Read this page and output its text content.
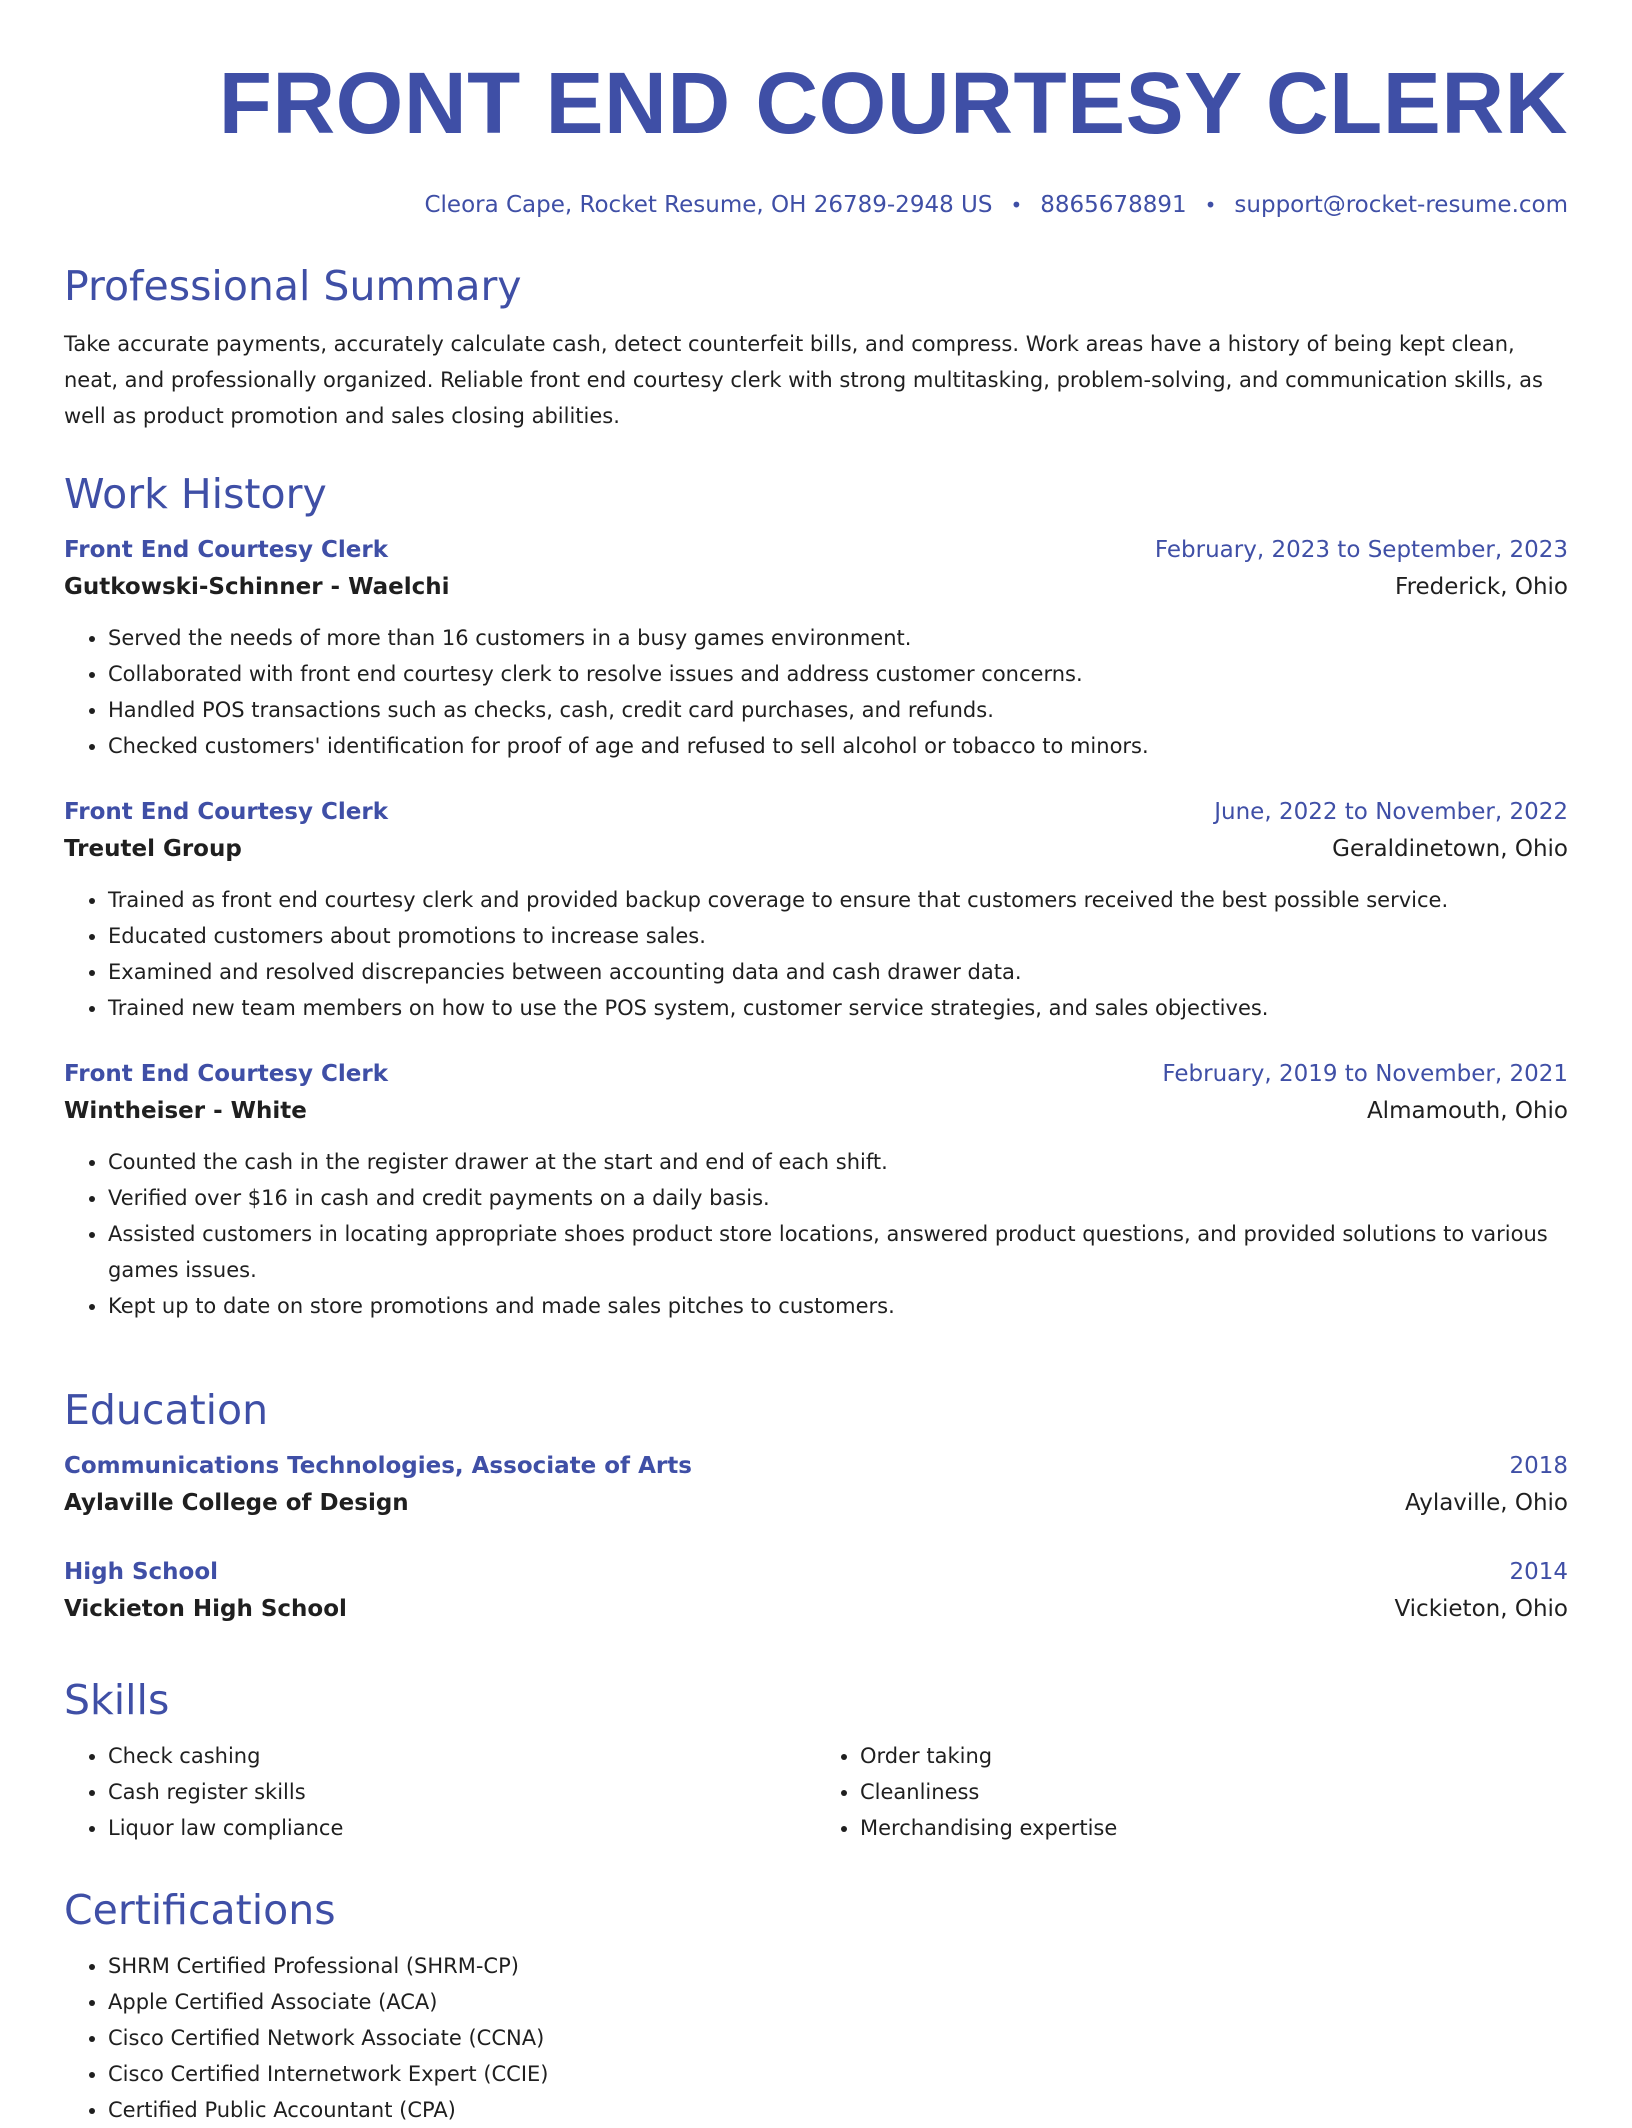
FRONT END COURTESY CLERK
Cleora Cape, Rocket Resume, OH 26789-2948 US • 8865678891 • support@rocket-resume.com
Professional Summary

Take accurate payments, accurately calculate cash, detect counterfeit bills, and compress. Work areas have a history of being kept clean, neat, and professionally organized. Reliable front end courtesy clerk with strong multitasking, problem-solving, and communication skills, as well as product promotion and sales closing abilities.

Work History
Front End Courtesy Clerk	February, 2023 to September, 2023
Gutkowski-Schinner - Waelchi	Frederick, Ohio
• Served the needs of more than 16 customers in a busy games environment.
• Collaborated with front end courtesy clerk to resolve issues and address customer concerns.
• Handled POS transactions such as checks, cash, credit card purchases, and refunds.
• Checked customers' identification for proof of age and refused to sell alcohol or tobacco to minors.
Front End Courtesy Clerk	June, 2022 to November, 2022
Treutel Group	Geraldinetown, Ohio
• Trained as front end courtesy clerk and provided backup coverage to ensure that customers received the best possible service.
• Educated customers about promotions to increase sales.
• Examined and resolved discrepancies between accounting data and cash drawer data.
• Trained new team members on how to use the POS system, customer service strategies, and sales objectives.
Front End Courtesy Clerk	February, 2019 to November, 2021
Wintheiser - White	Almamouth, Ohio
• Counted the cash in the register drawer at the start and end of each shift.
• Verified over $16 in cash and credit payments on a daily basis.
• Assisted customers in locating appropriate shoes product store locations, answered product questions, and provided solutions to various games issues.
• Kept up to date on store promotions and made sales pitches to customers.
Education
Communications Technologies, Associate of Arts	2018
Aylaville College of Design	Aylaville, Ohio
High School	2014
Vickieton High School	Vickieton, Ohio
Skills
• Check cashing
• Cash register skills
• Liquor law compliance
• Order taking
• Cleanliness
• Merchandising expertise
Certifications
• SHRM Certified Professional (SHRM-CP)
• Apple Certified Associate (ACA)
• Cisco Certified Network Associate (CCNA)
• Cisco Certified Internetwork Expert (CCIE)
• Certified Public Accountant (CPA)
